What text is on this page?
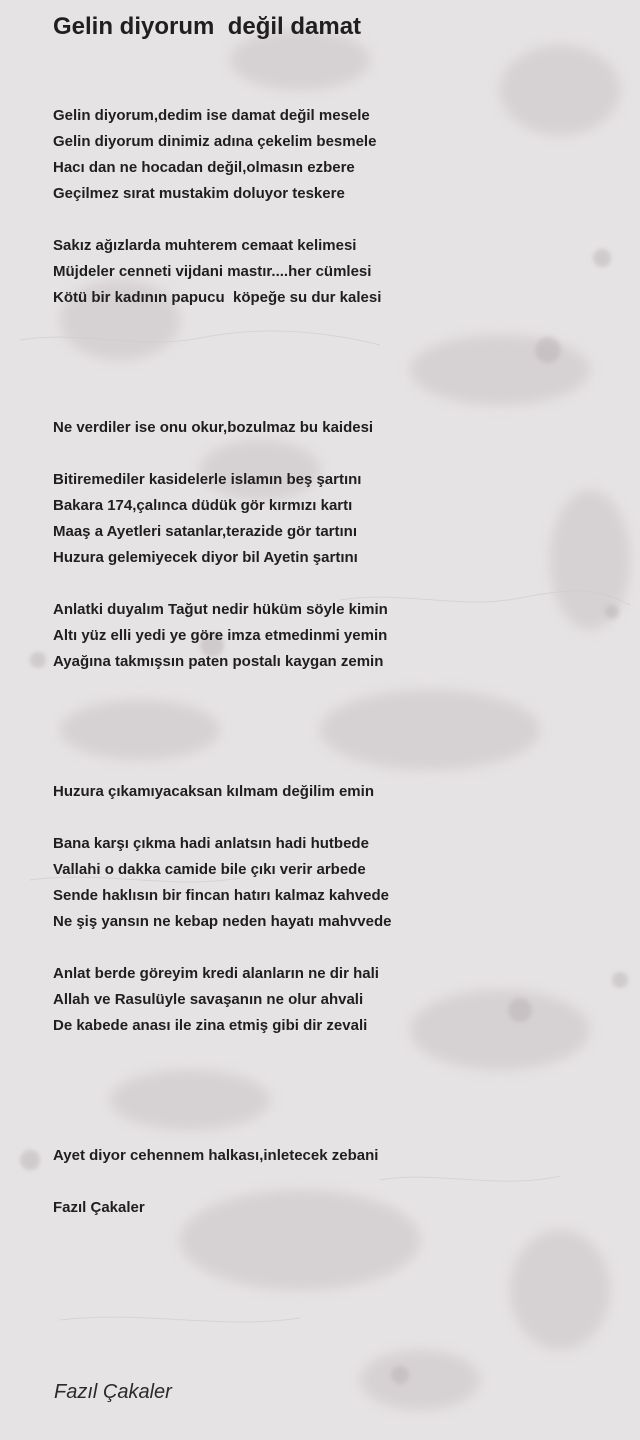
Gelin diyorum  değil damat
Gelin diyorum,dedim ise damat değil mesele
Gelin diyorum dinimiz adına çekelim besmele
Hacı dan ne hocadan değil,olmasın ezbere
Geçilmez sırat mustakim doluyor teskere
Sakız ağızlarda muhterem cemaat kelimesi
Müjdeler cenneti vijdani mastır....her cümlesi
Kötü bir kadının papucu  köpeğe su dur kalesi
Ne verdiler ise onu okur,bozulmaz bu kaidesi
Bitiremediler kasidelerle islamın beş şartını
Bakara 174,çalınca düdük gör kırmızı kartı
Maaş a Ayetleri satanlar,terazide gör tartını
Huzura gelemiyecek diyor bil Ayetin şartını
Anlatki duyalım Tağut nedir hüküm söyle kimin
Altı yüz elli yedi ye göre imza etmedinmi yemin
Ayağına takmışsın paten postalı kaygan zemin
Huzura çıkamıyacaksan kılmam değilim emin
Bana karşı çıkma hadi anlatsın hadi hutbede
Vallahi o dakka camide bile çıkı verir arbede
Sende haklısın bir fincan hatırı kalmaz kahvede
Ne şiş yansın ne kebap neden hayatı mahvvede
Anlat berde göreyim kredi alanların ne dir hali
Allah ve Rasulüyle savaşanın ne olur ahvali
De kabede anası ile zina etmiş gibi dir zevali
Ayet diyor cehennem halkası,inletecek zebani
Fazıl Çakaler
Fazıl Çakaler
